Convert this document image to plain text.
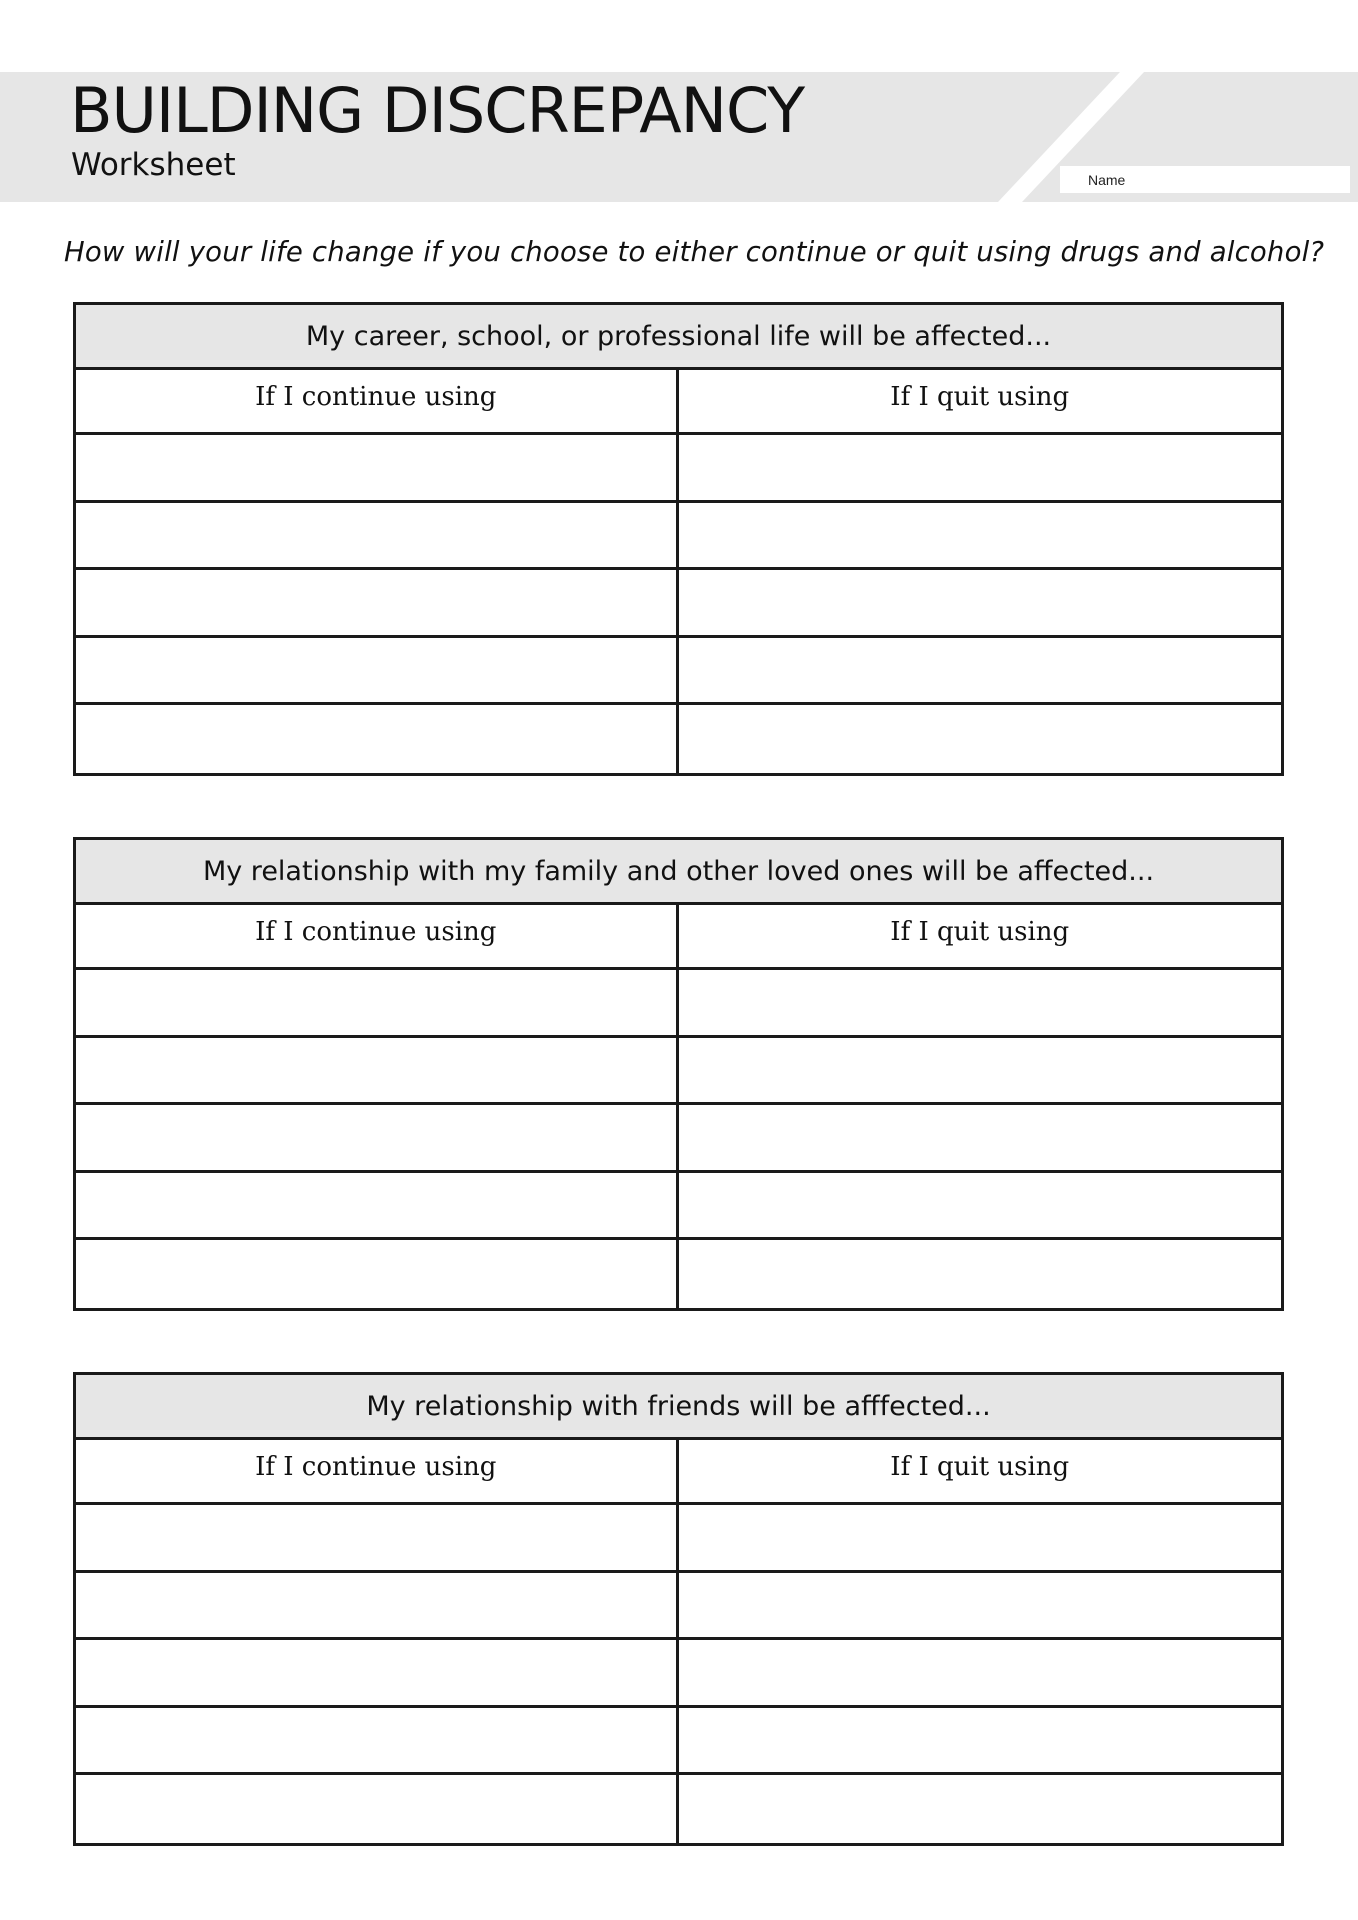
BUILDING DISCREPANCY
Worksheet	Name
How will your life change if you choose to either continue or quit using drugs and alcohol?
My career, school, or professional life will be affected...
If I continue using	If I quit using
My relationship with my family and other loved ones will be affected...
If I continue using	If I quit using
My relationship with friends will be afffected...
If I continue using	If I quit using
